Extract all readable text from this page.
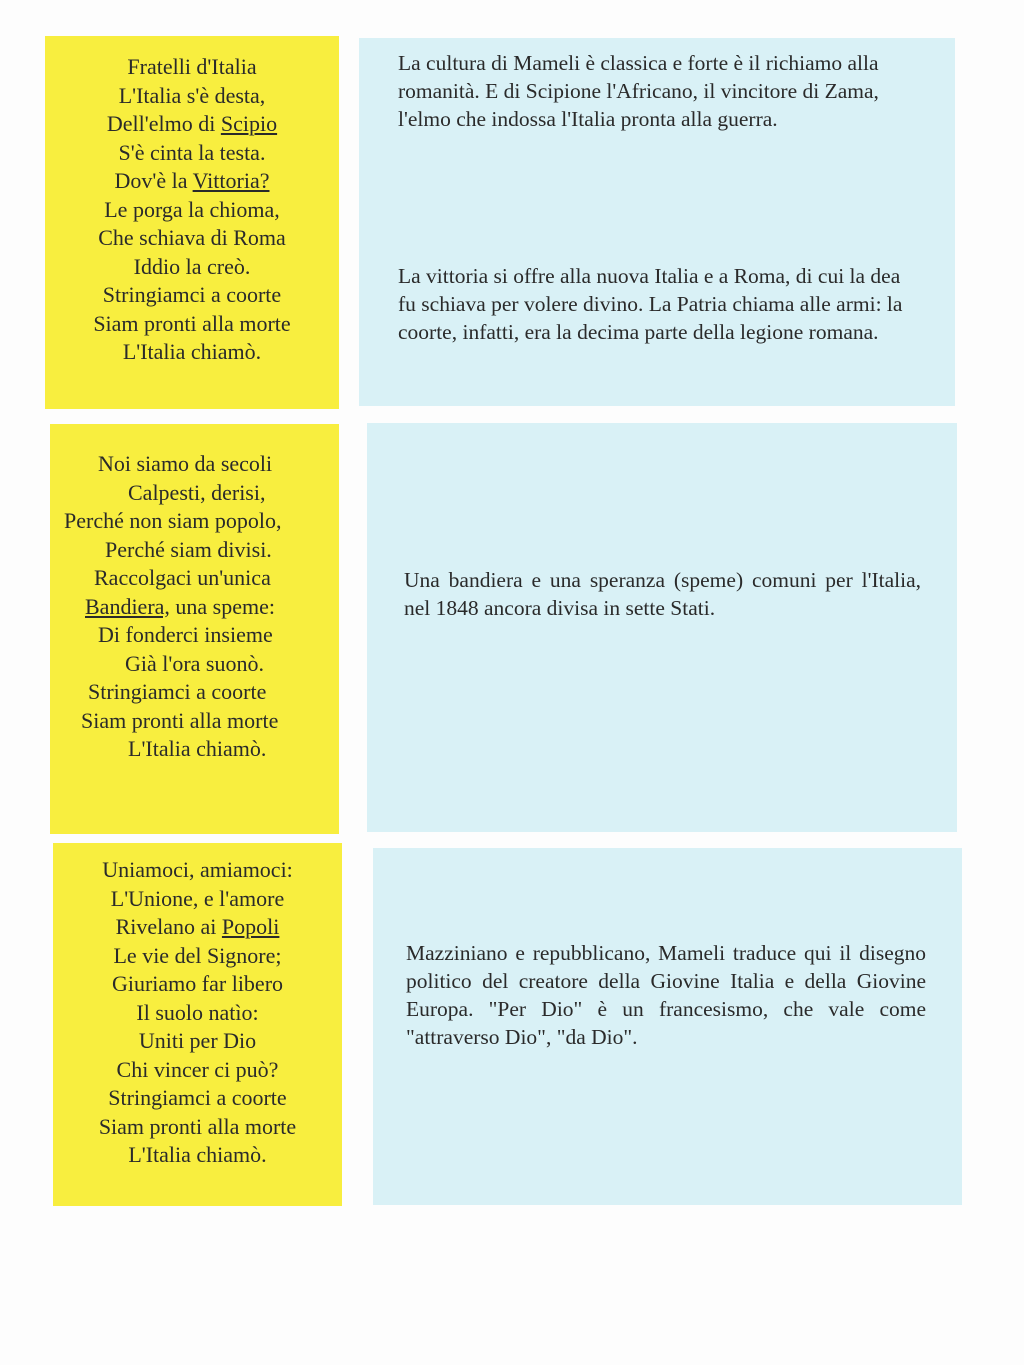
Fratelli d'Italia
L'Italia s'è desta,
Dell'elmo di Scipio
S'è cinta la testa.
Dov'è la Vittoria?
Le porga la chioma,
Che schiava di Roma
Iddio la creò.
Stringiamci a coorte
Siam pronti alla morte
L'Italia chiamò.

La cultura di Mameli è classica e forte è il richiamo alla romanità. E di Scipione l'Africano, il vincitore di Zama, l'elmo che indossa l'Italia pronta alla guerra.

La vittoria si offre alla nuova Italia e a Roma, di cui la dea fu schiava per volere divino. La Patria chiama alle armi: la coorte, infatti, era la decima parte della legione romana.

Noi siamo da secoli
Calpesti, derisi,
Perché non siam popolo,
Perché siam divisi.
Raccolgaci un'unica
Bandiera, una speme:
Di fonderci insieme
Già l'ora suonò.
Stringiamci a coorte
Siam pronti alla morte
L'Italia chiamò.

Una bandiera e una speranza (speme) comuni per l'Italia, nel 1848 ancora divisa in sette Stati.

Uniamoci, amiamoci:
L'Unione, e l'amore
Rivelano ai Popoli
Le vie del Signore;
Giuriamo far libero
Il suolo natìo:
Uniti per Dio
Chi vincer ci può?
Stringiamci a coorte
Siam pronti alla morte
L'Italia chiamò.

Mazziniano e repubblicano, Mameli traduce qui il disegno politico del creatore della Giovine Italia e della Giovine Europa. "Per Dio" è un francesismo, che vale come "attraverso Dio", "da Dio".
